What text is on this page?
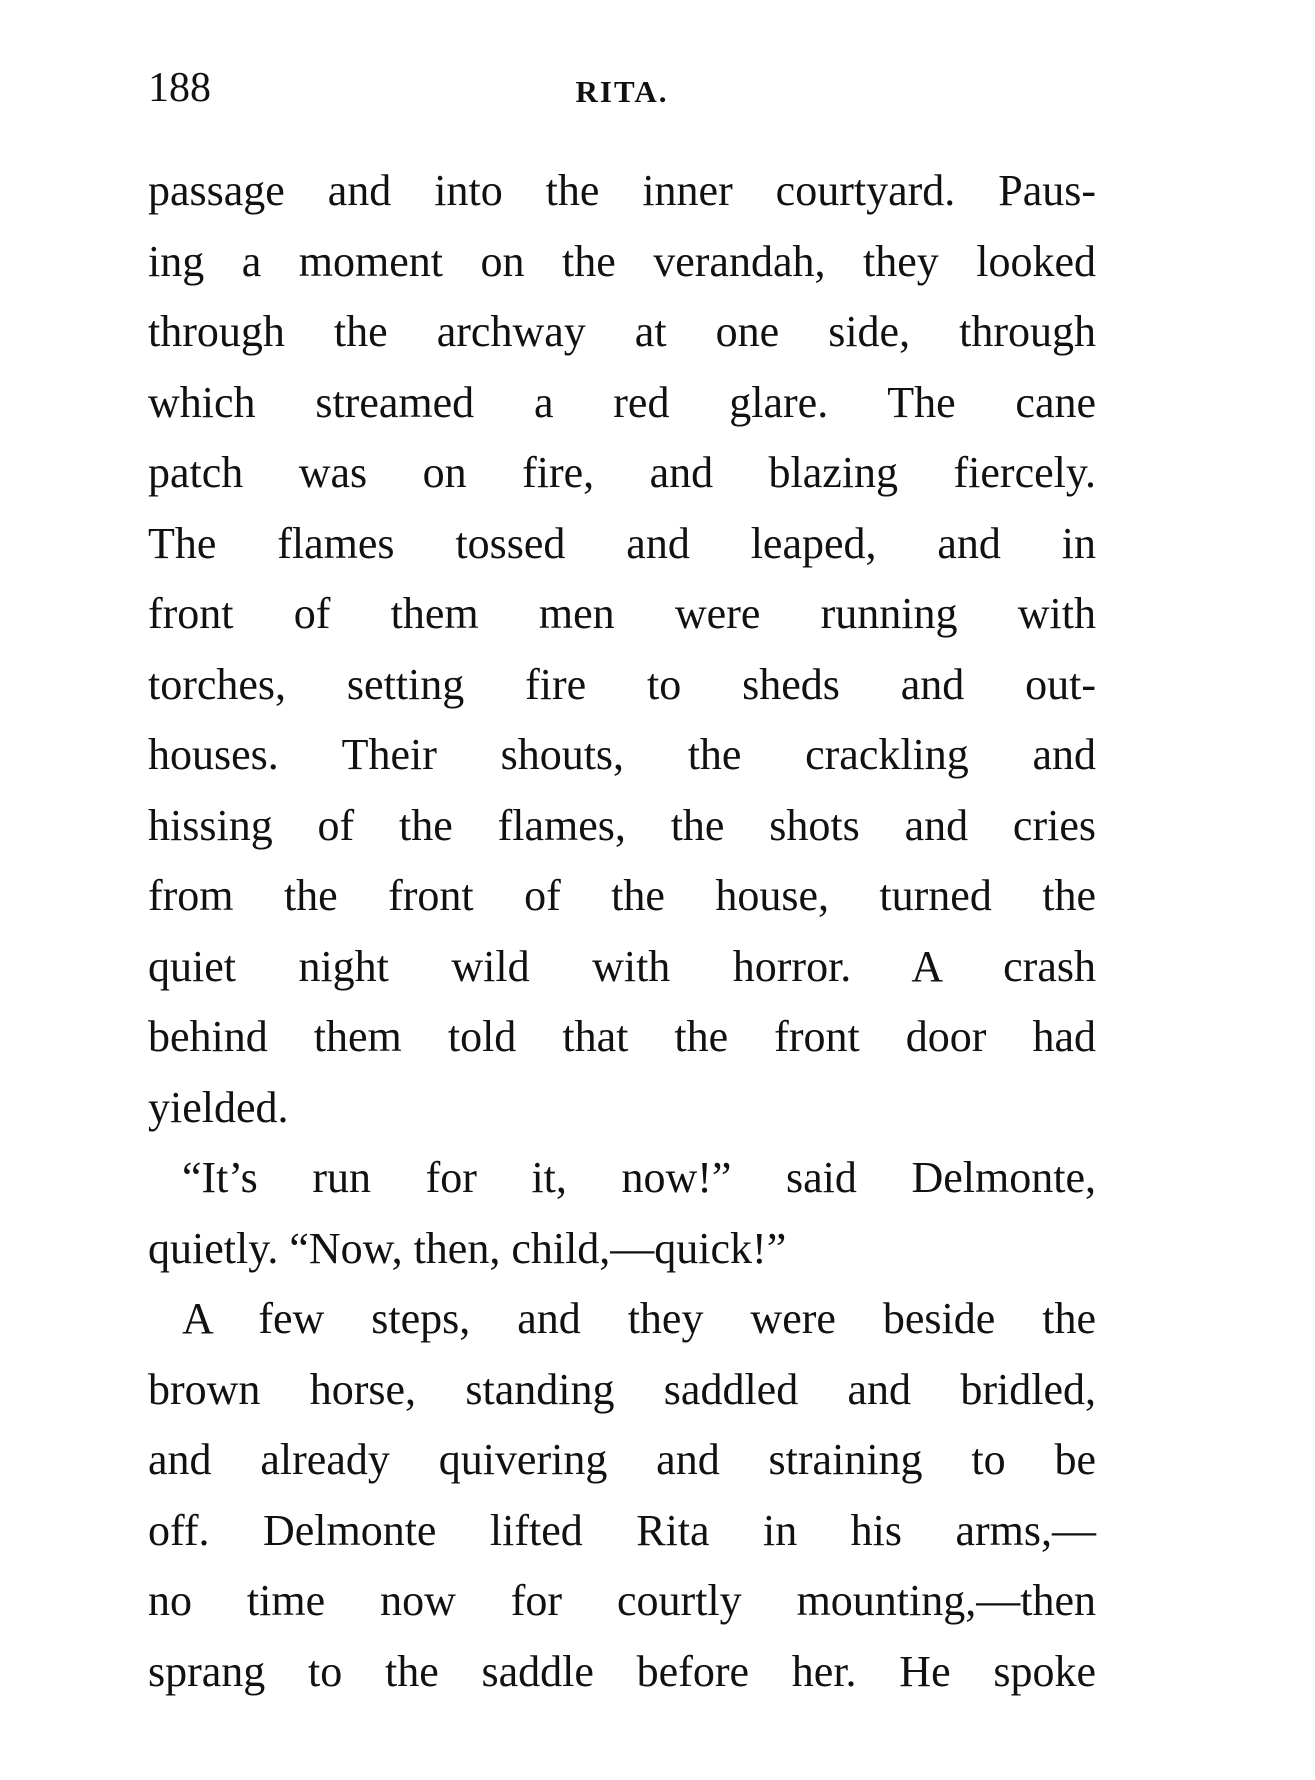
188	RITA.
passage and into the inner courtyard. Paus-
ing a moment on the verandah, they looked
through the archway at one side, through
which streamed a red glare. The cane
patch was on fire, and blazing fiercely.
The flames tossed and leaped, and in
front of them men were running with
torches, setting fire to sheds and out-
houses. Their shouts, the crackling and
hissing of the flames, the shots and cries
from the front of the house, turned the
quiet night wild with horror. A crash
behind them told that the front door had
yielded.
“It’s run for it, now!” said Delmonte,
quietly. “Now, then, child,—quick!”
A few steps, and they were beside the
brown horse, standing saddled and bridled,
and already quivering and straining to be
off. Delmonte lifted Rita in his arms,—
no time now for courtly mounting,—then
sprang to the saddle before her. He spoke
